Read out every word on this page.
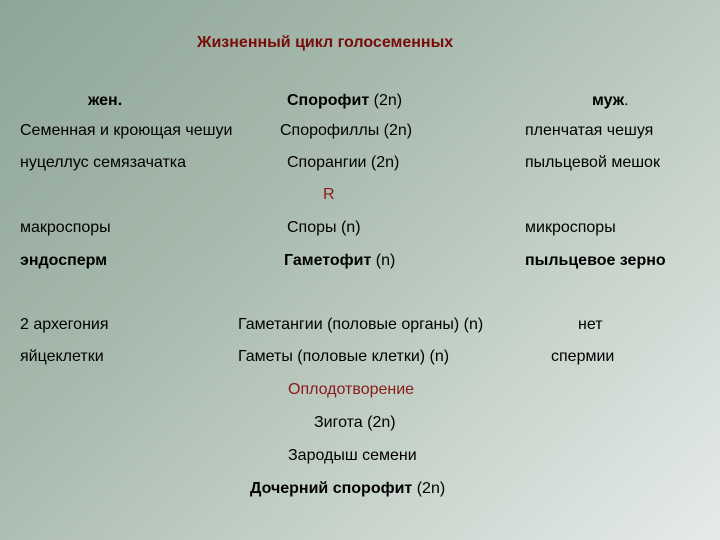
Жизненный цикл голосеменных
жен.	Спорофит (2n)	муж.
Семенная и кроющая чешуи	Спорофиллы (2n)	пленчатая чешуя
нуцеллус семязачатка	Спорангии (2n)	пыльцевой мешок
R
макроспоры	Споры (n)	микроспоры
эндосперм	Гаметофит (n)	пыльцевое зерно
2 архегония	Гаметангии (половые органы) (n)	нет
яйцеклетки	Гаметы (половые клетки) (n)	спермии
Оплодотворение
Зигота (2n)
Зародыш семени
Дочерний спорофит (2n)
